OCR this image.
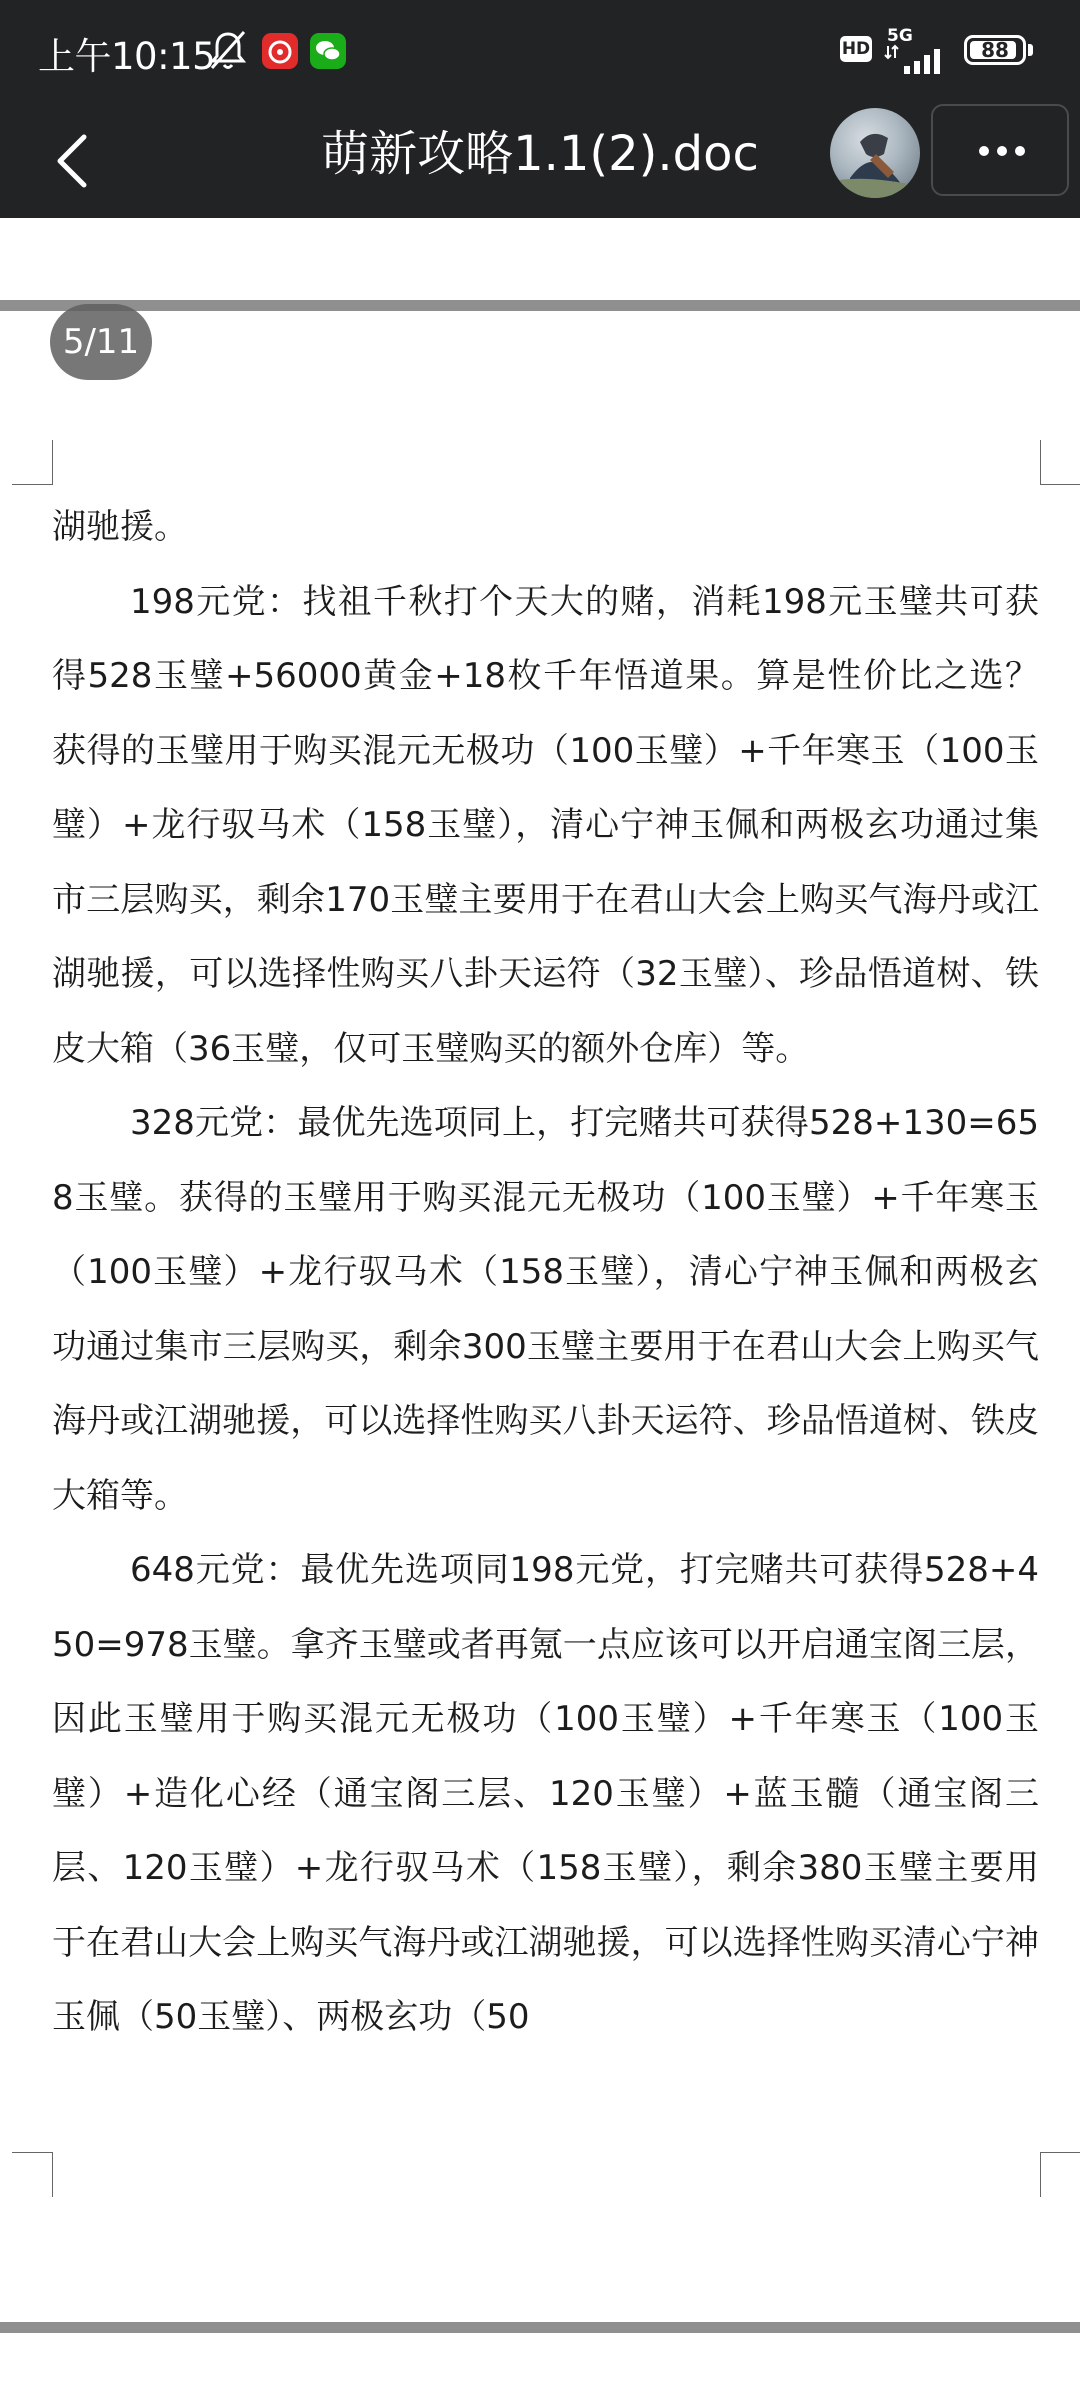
上午10:15	HD
5G
88
萌新攻略1.1(2).doc
5/11

湖驰援。

198元党：找祖千秋打个天大的赌，消耗198元玉璧共可获得528玉璧+56000黄金+18枚千年悟道果。算是性价比之选？获得的玉璧用于购买混元无极功（100玉璧）+千年寒玉（100玉璧）+龙行驭马术（158玉璧），清心宁神玉佩和两极玄功通过集市三层购买，剩余170玉璧主要用于在君山大会上购买气海丹或江湖驰援，可以选择性购买八卦天运符（32玉璧）、珍品悟道树、铁皮大箱（36玉璧，仅可玉璧购买的额外仓库）等。

328元党：最优先选项同上，打完赌共可获得528+130=658玉璧。获得的玉璧用于购买混元无极功（100玉璧）+千年寒玉（100玉璧）+龙行驭马术（158玉璧），清心宁神玉佩和两极玄功通过集市三层购买，剩余300玉璧主要用于在君山大会上购买气海丹或江湖驰援，可以选择性购买八卦天运符、珍品悟道树、铁皮大箱等。

648元党：最优先选项同198元党，打完赌共可获得528+450=978玉璧。拿齐玉璧或者再氪一点应该可以开启通宝阁三层，因此玉璧用于购买混元无极功（100玉璧）+千年寒玉（100玉璧）+造化心经（通宝阁三层、120玉璧）+蓝玉髓（通宝阁三层、120玉璧）+龙行驭马术（158玉璧），剩余380玉璧主要用于在君山大会上购买气海丹或江湖驰援，可以选择性购买清心宁神玉佩（50玉璧）、两极玄功（50
